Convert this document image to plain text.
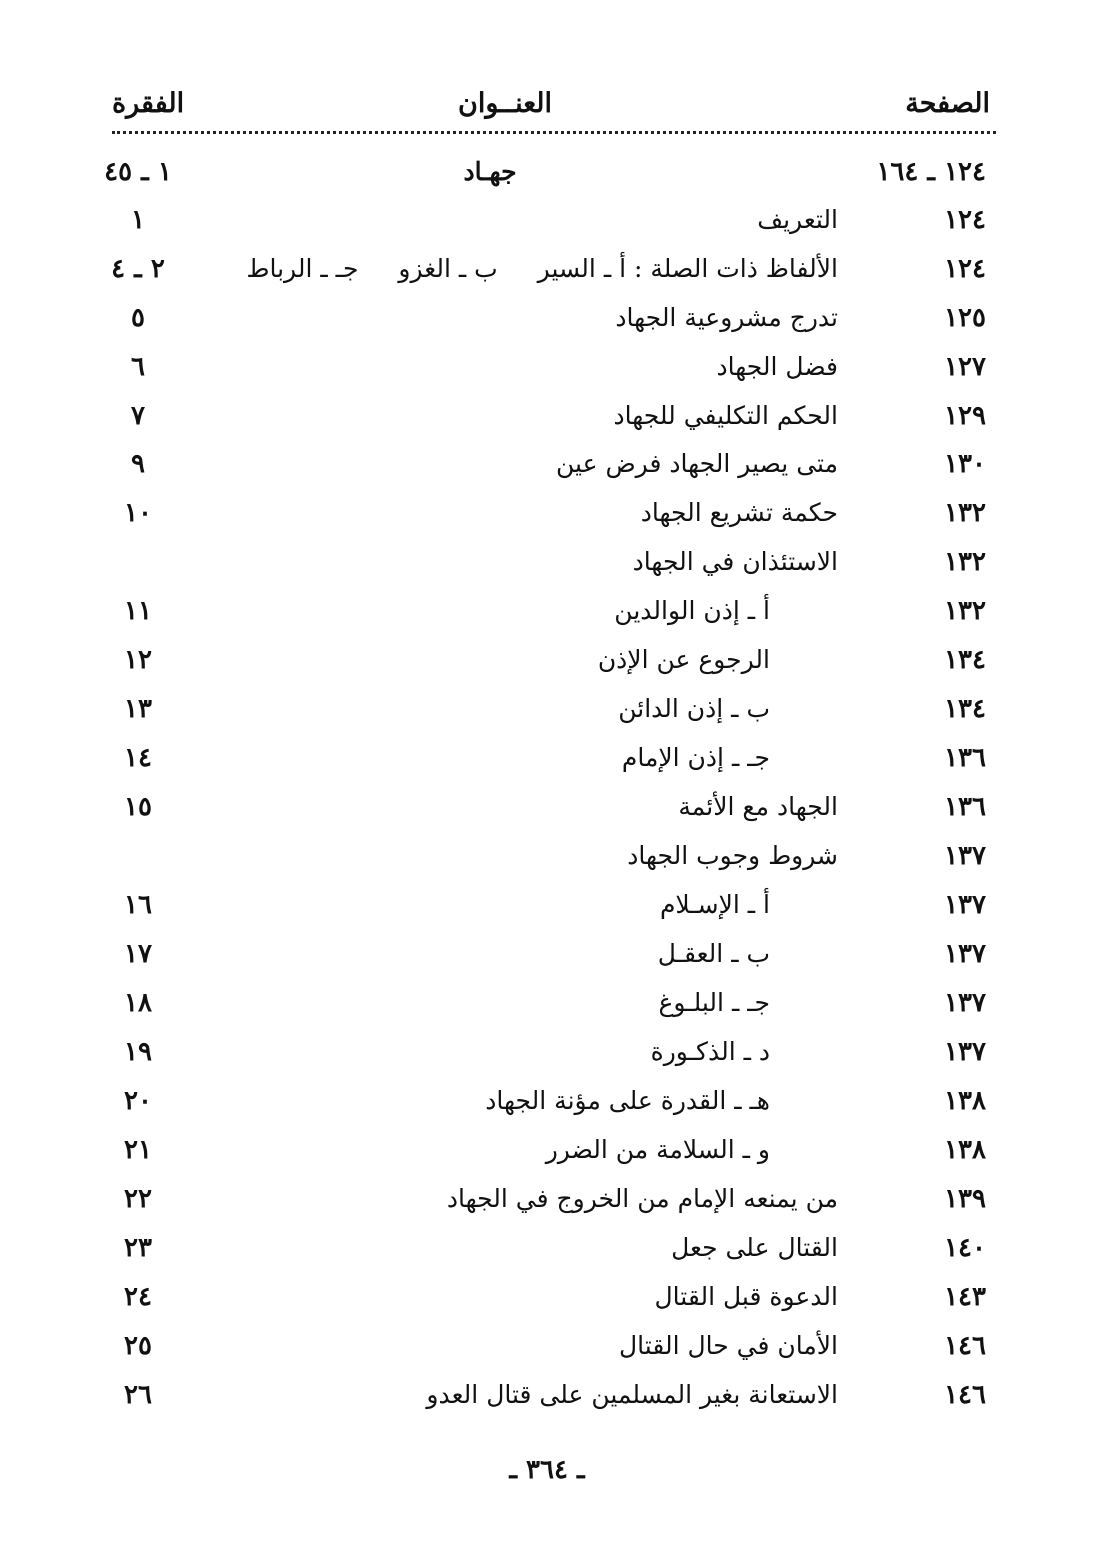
الصفحة
العنــوان
الفقرة
١٢٤ ـ ١٦٤
جهـاد
١ ـ ٤٥
١٢٤
التعريف
١
١٢٤
الألفاظ ذات الصلة : أ ـ السيرب ـ الغزوجـ ـ الرباط
٢ ـ ٤
١٢٥
تدرج مشروعية الجهاد
٥
١٢٧
فضل الجهاد
٦
١٢٩
الحكم التكليفي للجهاد
٧
١٣٠
متى يصير الجهاد فرض عين
٩
١٣٢
حكمة تشريع الجهاد
١٠
١٣٢
الاستئذان في الجهاد
١٣٢
أ ـ إذن الوالدين
١١
١٣٤
الرجوع عن الإذن
١٢
١٣٤
ب ـ إذن الدائن
١٣
١٣٦
جـ ـ إذن الإمام
١٤
١٣٦
الجهاد مع الأئمة
١٥
١٣٧
شروط وجوب الجهاد
١٣٧
أ ـ الإسـلام
١٦
١٣٧
ب ـ العقـل
١٧
١٣٧
جـ ـ البلـوغ
١٨
١٣٧
د ـ الذكـورة
١٩
١٣٨
هـ ـ القدرة على مؤنة الجهاد
٢٠
١٣٨
و ـ السلامة من الضرر
٢١
١٣٩
من يمنعه الإمام من الخروج في الجهاد
٢٢
١٤٠
القتال على جعل
٢٣
١٤٣
الدعوة قبل القتال
٢٤
١٤٦
الأمان في حال القتال
٢٥
١٤٦
الاستعانة بغير المسلمين على قتال العدو
٢٦
ـ ٣٦٤ ـ
